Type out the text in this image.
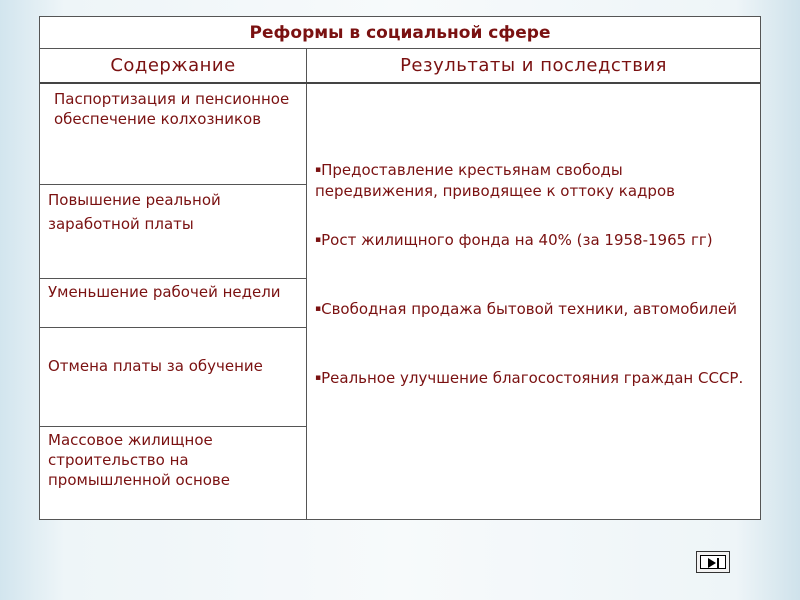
Реформы в социальной сфере
Содержание	Результаты и последствия
Паспортизация и пенсионное обеспечение колхозников
Повышение реальной заработной платы
Уменьшение рабочей недели
Отмена платы за обучение
Массовое жилищное строительство на промышленной основе
▪Предоставление крестьянам свободы передвижения, приводящее к оттоку кадров
▪Рост жилищного фонда на 40% (за 1958-1965 гг)
▪Свободная продажа бытовой техники, автомобилей
▪Реальное улучшение благосостояния граждан СССР.
